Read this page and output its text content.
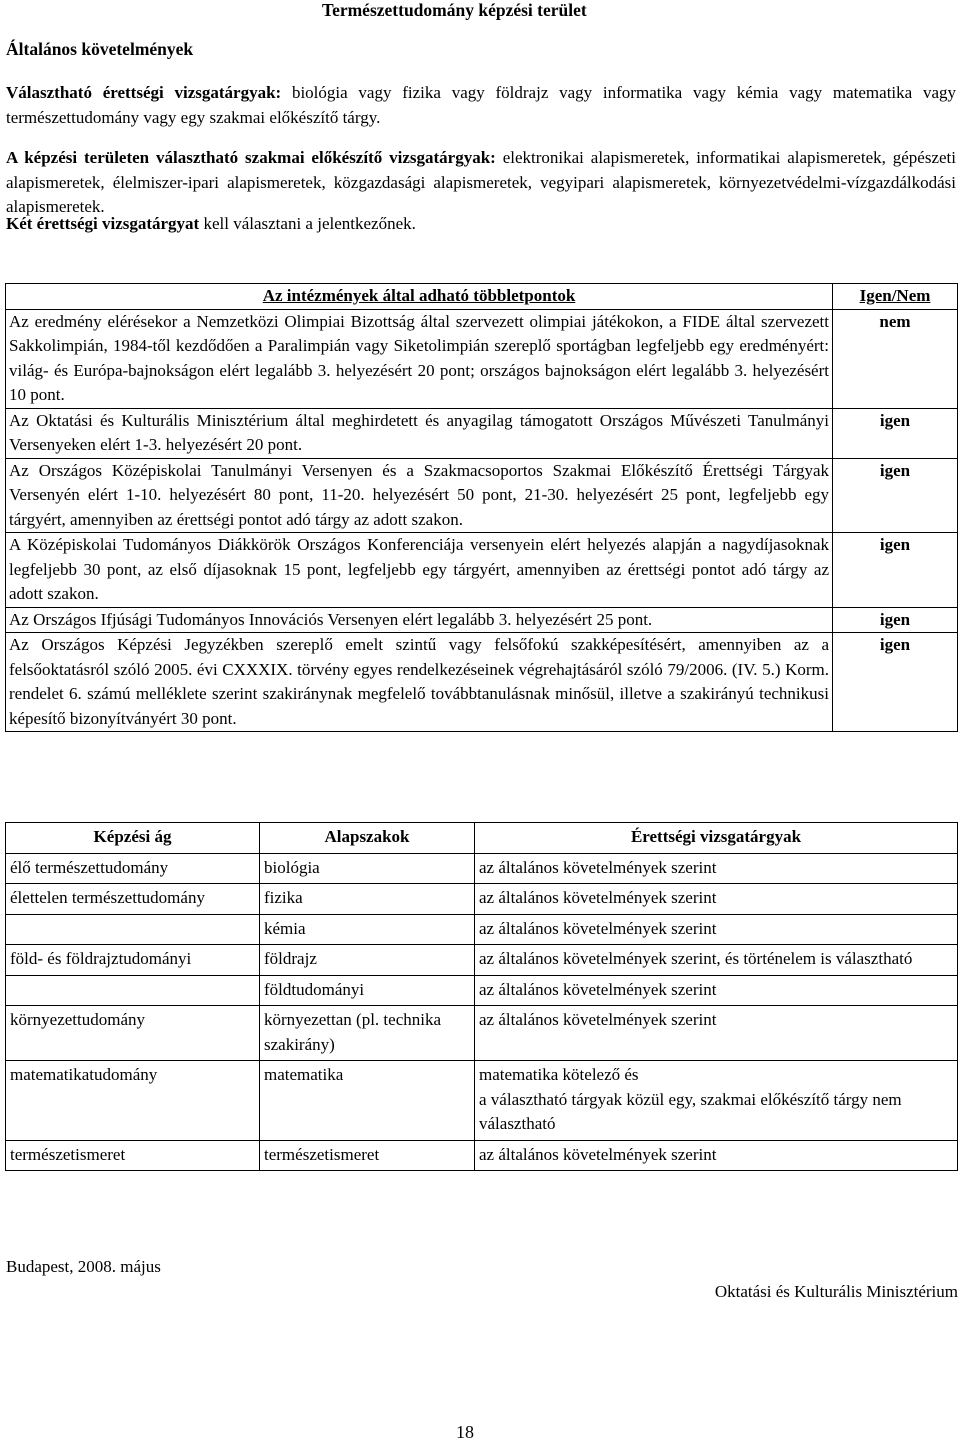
Természettudomány képzési terület
Általános követelmények
Választható érettségi vizsgatárgyak: biológia vagy fizika vagy földrajz vagy informatika vagy kémia vagy matematika vagy természettudomány vagy egy szakmai előkészítő tárgy.
A képzési területen választható szakmai előkészítő vizsgatárgyak: elektronikai alapismeretek, informatikai alapismeretek, gépészeti alapismeretek, élelmiszer-ipari alapismeretek, közgazdasági alapismeretek, vegyipari alapismeretek, környezetvédelmi-vízgazdálkodási alapismeretek.
Két érettségi vizsgatárgyat kell választani a jelentkezőnek.
Az intézmények által adható többletpontok	Igen/Nem
Az eredmény elérésekor a Nemzetközi Olimpiai Bizottság által szervezett olimpiai játékokon, a FIDE által szervezett Sakkolimpián, 1984-től kezdődően a Paralimpián vagy Siketolimpián szereplő sportágban legfeljebb egy eredményért: világ- és Európa-bajnokságon elért legalább 3. helyezésért 20 pont; országos bajnokságon elért legalább 3. helyezésért 10 pont.	nem
Az Oktatási és Kulturális Minisztérium által meghirdetett és anyagilag támogatott Országos Művészeti Tanulmányi Versenyeken elért 1-3. helyezésért 20 pont.	igen
Az Országos Középiskolai Tanulmányi Versenyen és a Szakmacsoportos Szakmai Előkészítő Érettségi Tárgyak Versenyén elért 1-10. helyezésért 80 pont, 11-20. helyezésért 50 pont, 21-30. helyezésért 25 pont, legfeljebb egy tárgyért, amennyiben az érettségi pontot adó tárgy az adott szakon.	igen
A Középiskolai Tudományos Diákkörök Országos Konferenciája versenyein elért helyezés alapján a nagydíjasoknak legfeljebb 30 pont, az első díjasoknak 15 pont, legfeljebb egy tárgyért, amennyiben az érettségi pontot adó tárgy az adott szakon.	igen
Az Országos Ifjúsági Tudományos Innovációs Versenyen elért legalább 3. helyezésért 25 pont.	igen
Az Országos Képzési Jegyzékben szereplő emelt szintű vagy felsőfokú szakképesítésért, amennyiben az a felsőoktatásról szóló 2005. évi CXXXIX. törvény egyes rendelkezéseinek végrehajtásáról szóló 79/2006. (IV. 5.) Korm. rendelet 6. számú melléklete szerint szakiránynak megfelelő továbbtanulásnak minősül, illetve a szakirányú technikusi képesítő bizonyítványért 30 pont.	igen
Képzési ág	Alapszakok	Érettségi vizsgatárgyak
élő természettudomány	biológia	az általános követelmények szerint
élettelen természettudomány	fizika	az általános követelmények szerint
	kémia	az általános követelmények szerint
föld- és földrajztudományi	földrajz	az általános követelmények szerint, és történelem is választható
	földtudományi	az általános követelmények szerint
környezettudomány	környezettan (pl. technika szakirány)	az általános követelmények szerint
matematikatudomány	matematika	matematika kötelező és
a választható tárgyak közül egy, szakmai előkészítő tárgy nem választható
természetismeret	természetismeret	az általános követelmények szerint
Budapest, 2008. május
Oktatási és Kulturális Minisztérium
18
